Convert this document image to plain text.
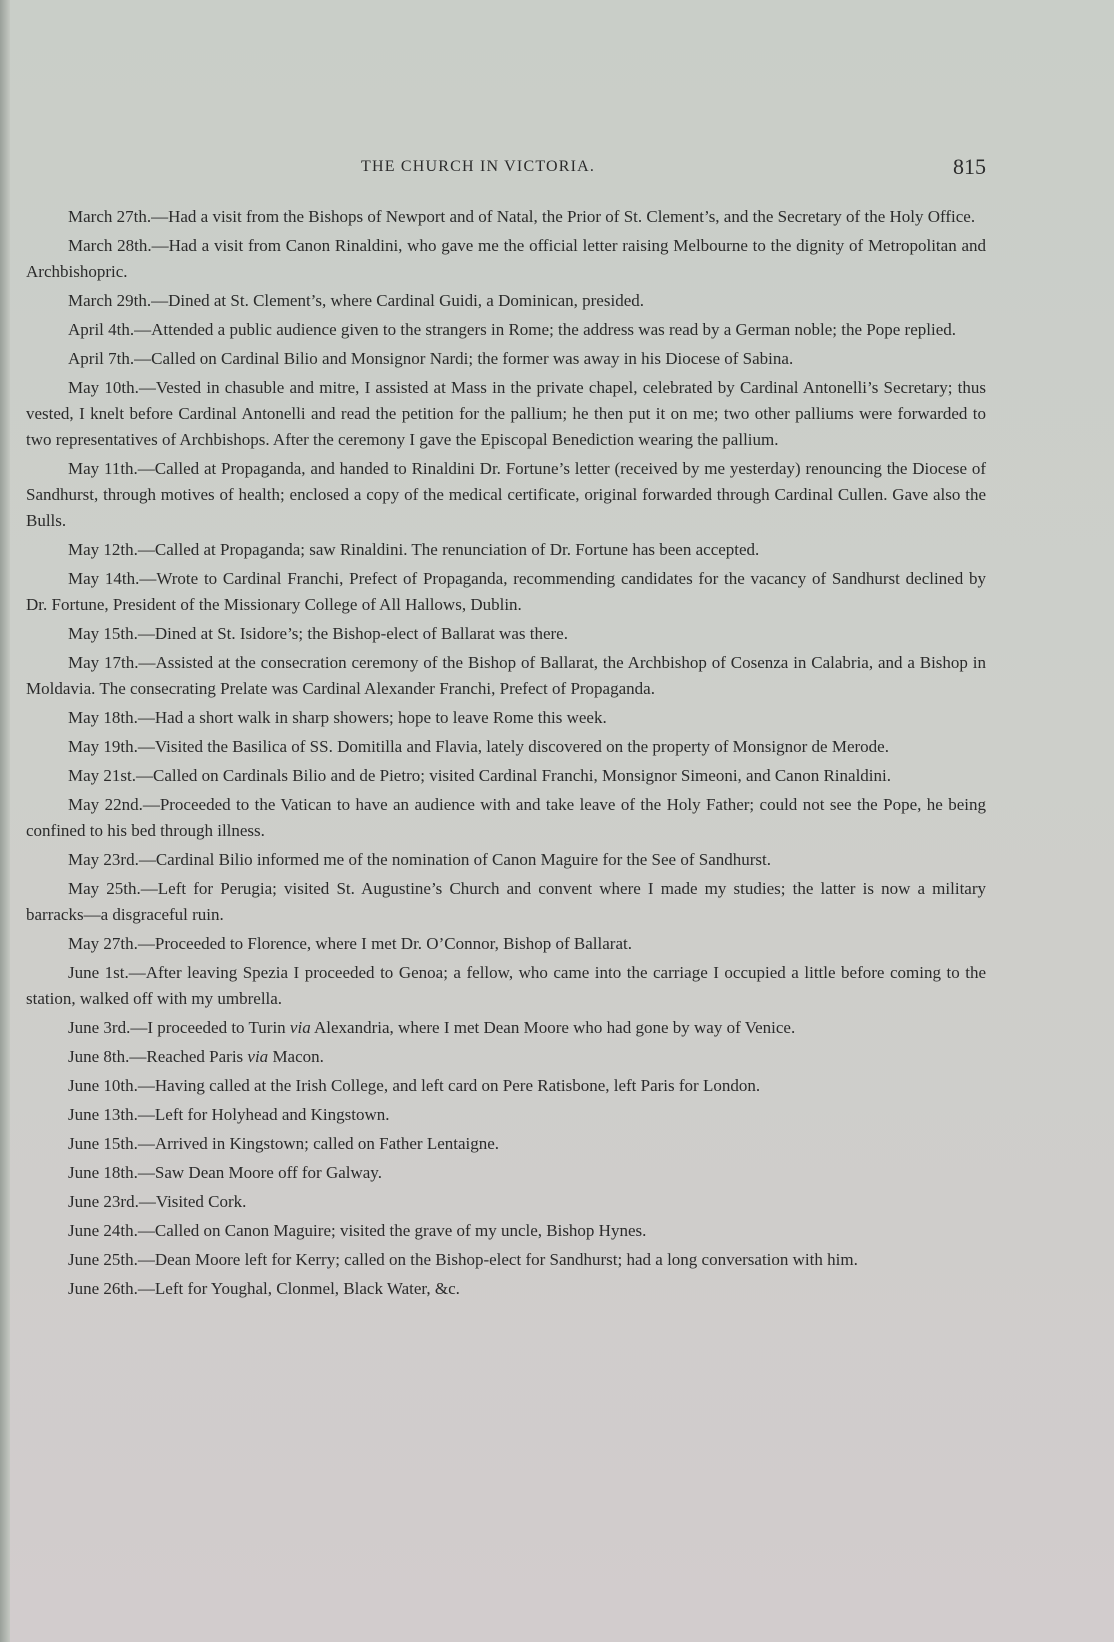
THE CHURCH IN VICTORIA.	815

March 27th.—Had a visit from the Bishops of Newport and of Natal, the Prior of St. Clement’s, and the Secretary of the Holy Office.

March 28th.—Had a visit from Canon Rinaldini, who gave me the official letter raising Melbourne to the dignity of Metropolitan and Archbishopric.

March 29th.—Dined at St. Clement’s, where Cardinal Guidi, a Dominican, presided.

April 4th.—Attended a public audience given to the strangers in Rome; the address was read by a German noble; the Pope replied.

April 7th.—Called on Cardinal Bilio and Monsignor Nardi; the former was away in his Diocese of Sabina.

May 10th.—Vested in chasuble and mitre, I assisted at Mass in the private chapel, celebrated by Cardinal Antonelli’s Secretary; thus vested, I knelt before Cardinal Antonelli and read the petition for the pallium; he then put it on me; two other palliums were forwarded to two representatives of Archbishops. After the ceremony I gave the Episcopal Benediction wearing the pallium.

May 11th.—Called at Propaganda, and handed to Rinaldini Dr. Fortune’s letter (received by me yesterday) renouncing the Diocese of Sandhurst, through motives of health; enclosed a copy of the medical certificate, original forwarded through Cardinal Cullen. Gave also the Bulls.

May 12th.—Called at Propaganda; saw Rinaldini. The renunciation of Dr. Fortune has been accepted.

May 14th.—Wrote to Cardinal Franchi, Prefect of Propaganda, recommending candidates for the vacancy of Sandhurst declined by Dr. Fortune, President of the Missionary College of All Hallows, Dublin.

May 15th.—Dined at St. Isidore’s; the Bishop-elect of Ballarat was there.

May 17th.—Assisted at the consecration ceremony of the Bishop of Ballarat, the Archbishop of Cosenza in Calabria, and a Bishop in Moldavia. The consecrating Prelate was Cardinal Alexander Franchi, Prefect of Propaganda.

May 18th.—Had a short walk in sharp showers; hope to leave Rome this week.

May 19th.—Visited the Basilica of SS. Domitilla and Flavia, lately discovered on the property of Monsignor de Merode.

May 21st.—Called on Cardinals Bilio and de Pietro; visited Cardinal Franchi, Monsignor Simeoni, and Canon Rinaldini.

May 22nd.—Proceeded to the Vatican to have an audience with and take leave of the Holy Father; could not see the Pope, he being confined to his bed through illness.

May 23rd.—Cardinal Bilio informed me of the nomination of Canon Maguire for the See of Sandhurst.

May 25th.—Left for Perugia; visited St. Augustine’s Church and convent where I made my studies; the latter is now a military barracks—a disgraceful ruin.

May 27th.—Proceeded to Florence, where I met Dr. O’Connor, Bishop of Ballarat.

June 1st.—After leaving Spezia I proceeded to Genoa; a fellow, who came into the carriage I occupied a little before coming to the station, walked off with my umbrella.

June 3rd.—I proceeded to Turin via Alexandria, where I met Dean Moore who had gone by way of Venice.

June 8th.—Reached Paris via Macon.

June 10th.—Having called at the Irish College, and left card on Pere Ratisbone, left Paris for London.

June 13th.—Left for Holyhead and Kingstown.

June 15th.—Arrived in Kingstown; called on Father Lentaigne.

June 18th.—Saw Dean Moore off for Galway.

June 23rd.—Visited Cork.

June 24th.—Called on Canon Maguire; visited the grave of my uncle, Bishop Hynes.

June 25th.—Dean Moore left for Kerry; called on the Bishop-elect for Sandhurst; had a long conversation with him.

June 26th.—Left for Youghal, Clonmel, Black Water, &c.
